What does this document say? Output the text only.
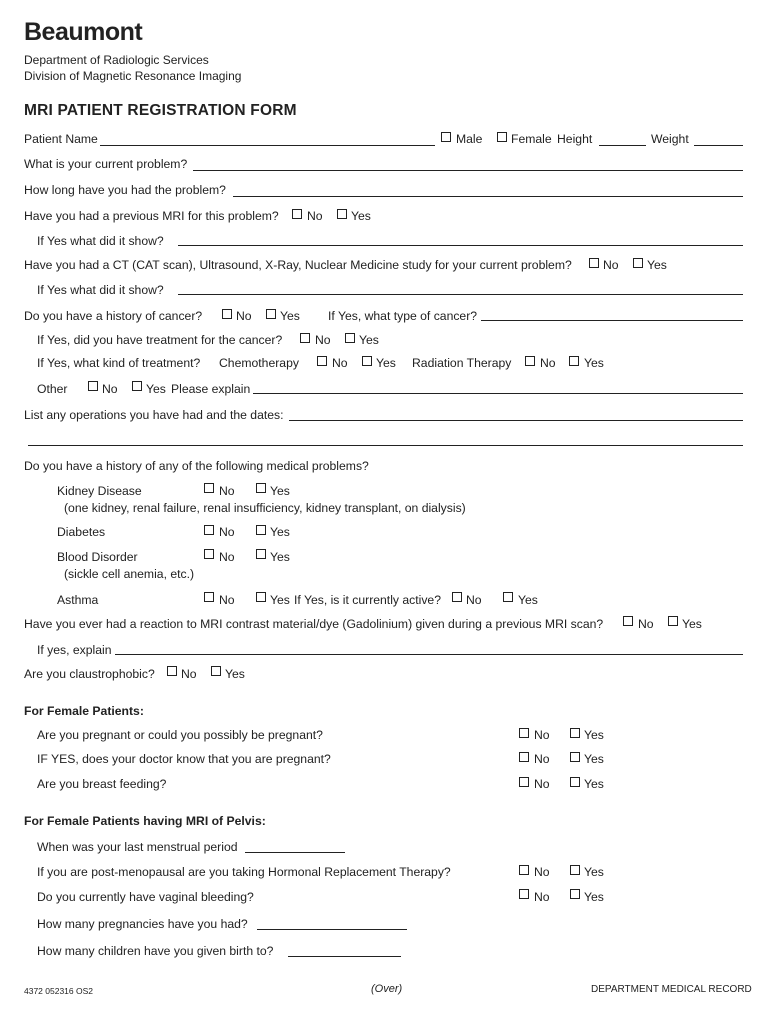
Beaumont
Department of Radiologic Services
Division of Magnetic Resonance Imaging
MRI PATIENT REGISTRATION FORM
Patient Name	Male Female Height	Weight
What is your current problem?
How long have you had the problem?
Have you had a previous MRI for this problem? No Yes
If Yes what did it show?
Have you had a CT (CAT scan), Ultrasound, X-Ray, Nuclear Medicine study for your current problem?	No Yes
If Yes what did it show?
Do you have a history of cancer?	No Yes If Yes, what type of cancer?
If Yes, did you have treatment for the cancer?	No Yes
If Yes, what kind of treatment? Chemotherapy	No Yes Radiation Therapy No Yes
Other	No Yes Please explain
List any operations you have had and the dates:
Do you have a history of any of the following medical problems?
Kidney Disease	No	Yes
(one kidney, renal failure, renal insufficiency, kidney transplant, on dialysis)
Diabetes	No	Yes
Blood Disorder	No	Yes
(sickle cell anemia, etc.)
Asthma	No	Yes If Yes, is it currently active? No	Yes
Have you ever had a reaction to MRI contrast material/dye (Gadolinium) given during a previous MRI scan?	No Yes
If yes, explain
Are you claustrophobic? No Yes
For Female Patients:
Are you pregnant or could you possibly be pregnant?	No	Yes
IF YES, does your doctor know that you are pregnant?	No	Yes
Are you breast feeding?	No	Yes
For Female Patients having MRI of Pelvis:
When was your last menstrual period
If you are post-menopausal are you taking Hormonal Replacement Therapy?	No	Yes
Do you currently have vaginal bleeding?	No	Yes
How many pregnancies have you had?
How many children have you given birth to?
4372 052316 OS2	(Over)	DEPARTMENT MEDICAL RECORD
